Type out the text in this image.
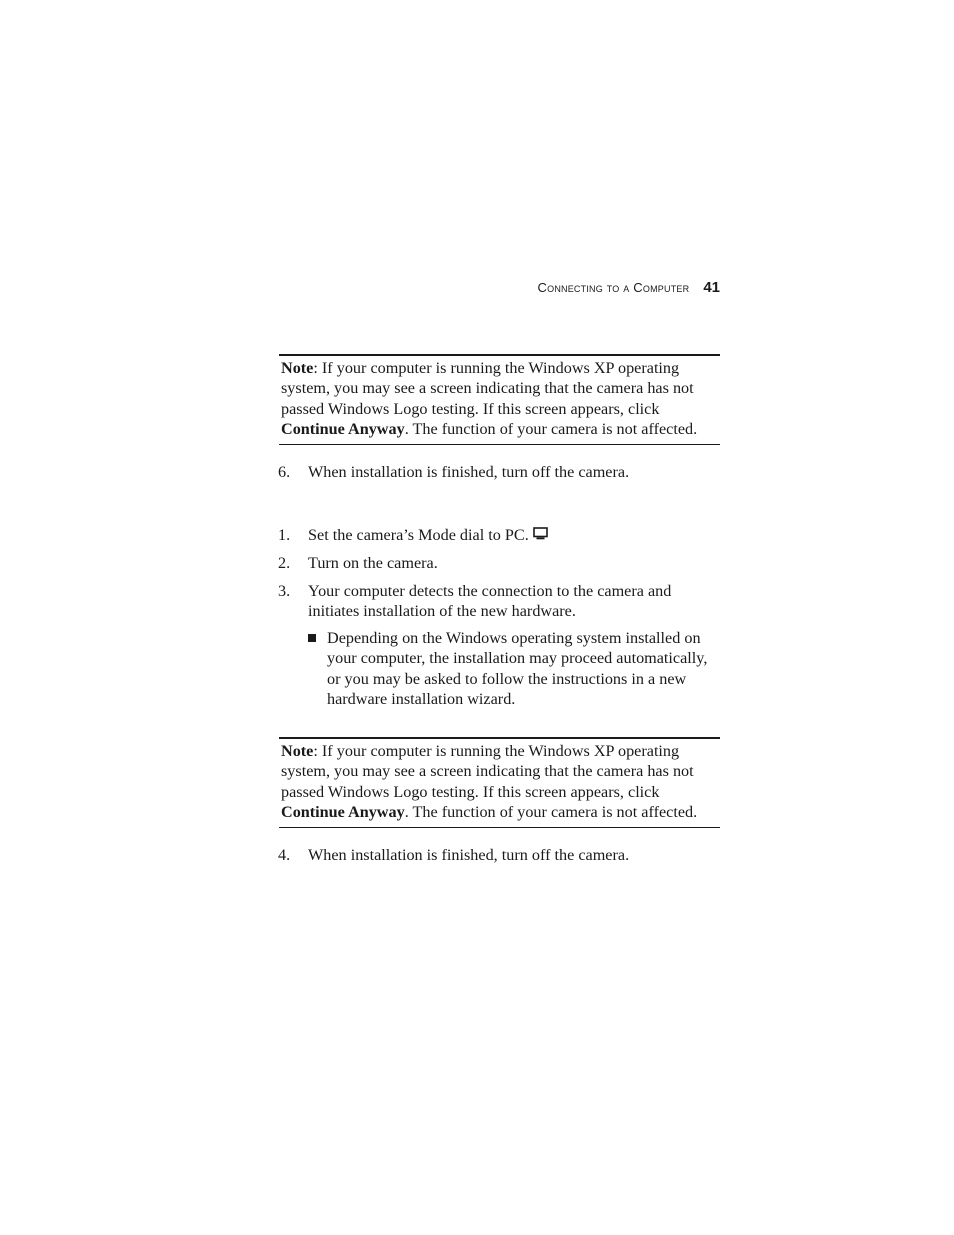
Connecting to a Computer 41
Note: If your computer is running the Windows XP operating system, you may see a screen indicating that the camera has not passed Windows Logo testing. If this screen appears, click Continue Anyway. The function of your camera is not affected.
6. When installation is finished, turn off the camera.
1. Set the camera’s Mode dial to PC.
2. Turn on the camera.
3. Your computer detects the connection to the camera and initiates installation of the new hardware.
Depending on the Windows operating system installed on your computer, the installation may proceed automatically, or you may be asked to follow the instructions in a new hardware installation wizard.
Note: If your computer is running the Windows XP operating system, you may see a screen indicating that the camera has not passed Windows Logo testing. If this screen appears, click Continue Anyway. The function of your camera is not affected.
4. When installation is finished, turn off the camera.
